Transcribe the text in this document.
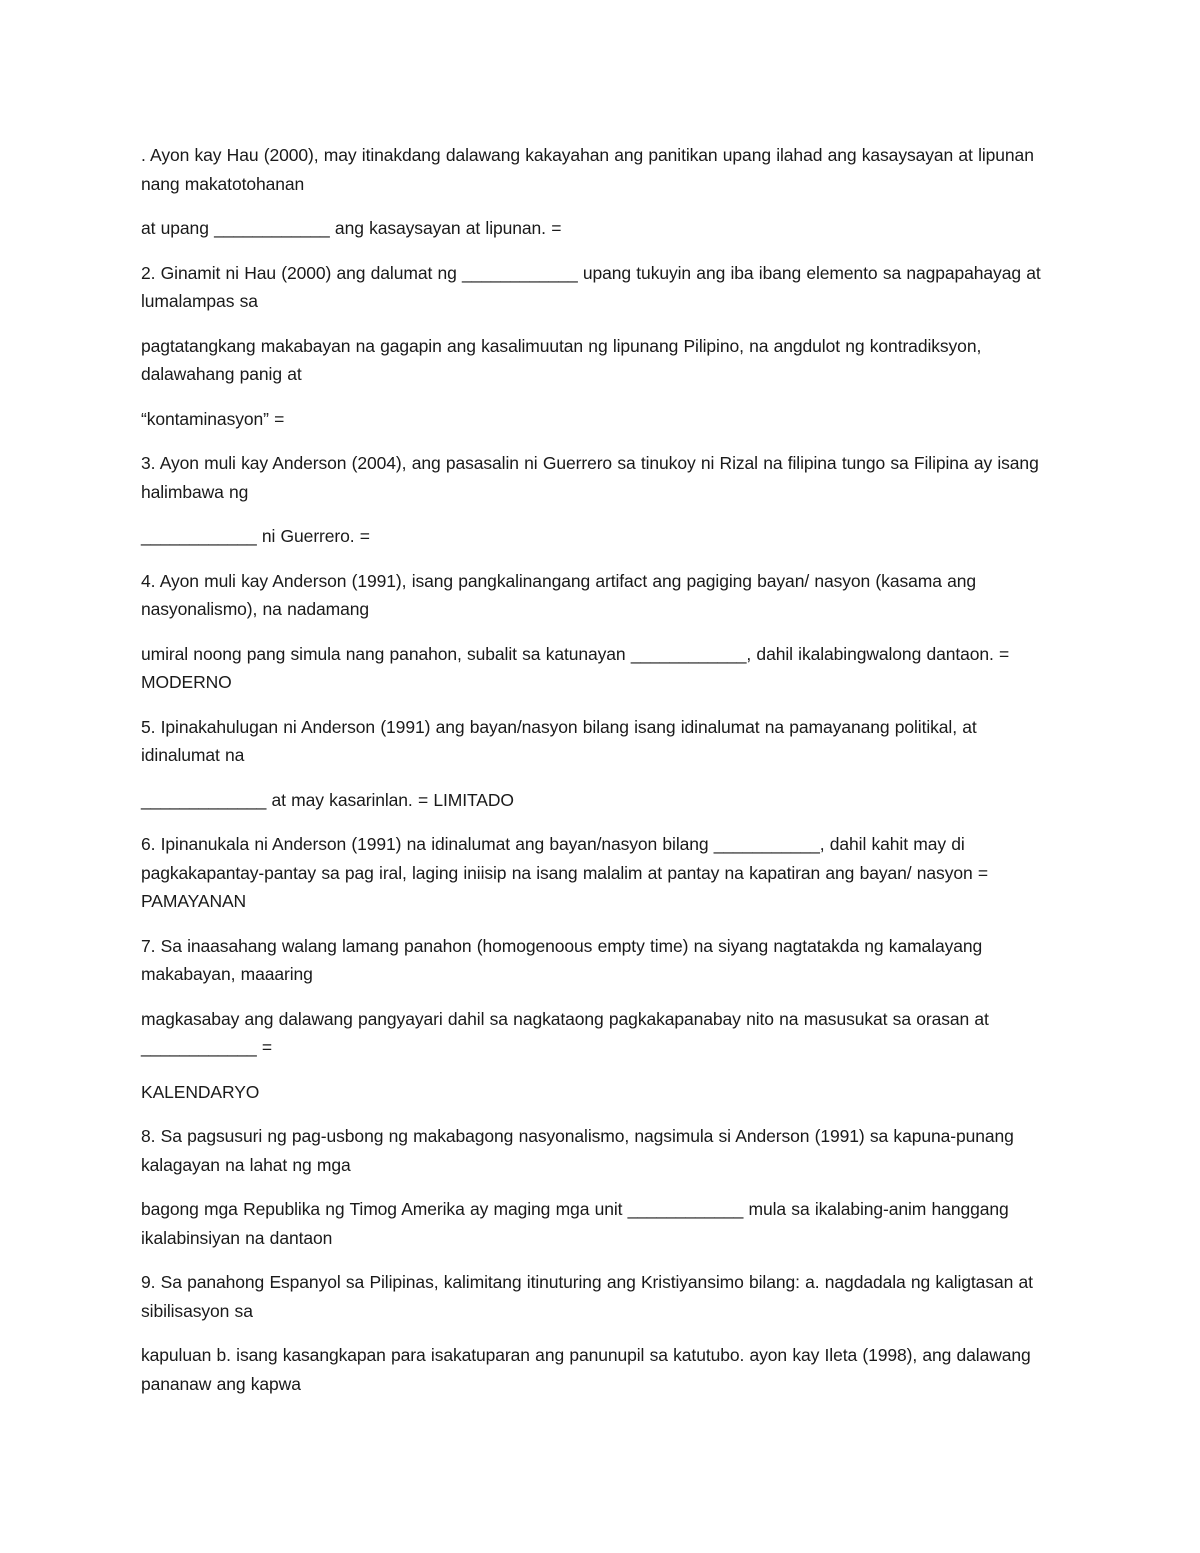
. Ayon kay Hau (2000), may itinakdang dalawang kakayahan ang panitikan upang ilahad ang kasaysayan at lipunan nang makatotohanan

at upang ____________ ang kasaysayan at lipunan. =

2. Ginamit ni Hau (2000) ang dalumat ng ____________ upang tukuyin ang iba ibang elemento sa nagpapahayag at lumalampas sa

pagtatangkang makabayan na gagapin ang kasalimuutan ng lipunang Pilipino, na angdulot ng kontradiksyon, dalawahang panig at

“kontaminasyon” =

3. Ayon muli kay Anderson (2004), ang pasasalin ni Guerrero sa tinukoy ni Rizal na filipina tungo sa Filipina ay isang halimbawa ng

____________ ni Guerrero. =

4. Ayon muli kay Anderson (1991), isang pangkalinangang artifact ang pagiging bayan/ nasyon (kasama ang nasyonalismo), na nadamang

umiral noong pang simula nang panahon, subalit sa katunayan ____________, dahil ikalabingwalong dantaon. = MODERNO

5. Ipinakahulugan ni Anderson (1991) ang bayan/nasyon bilang isang idinalumat na pamayanang politikal, at idinalumat na

_____________ at may kasarinlan. = LIMITADO

6. Ipinanukala ni Anderson (1991) na idinalumat ang bayan/nasyon bilang ___________, dahil kahit may di pagkakapantay-pantay sa pag iral, laging iniisip na isang malalim at pantay na kapatiran ang bayan/ nasyon = PAMAYANAN

7. Sa inaasahang walang lamang panahon (homogenoous empty time) na siyang nagtatakda ng kamalayang makabayan, maaaring

magkasabay ang dalawang pangyayari dahil sa nagkataong pagkakapanabay nito na masusukat sa orasan at ____________ =

KALENDARYO

8. Sa pagsusuri ng pag-usbong ng makabagong nasyonalismo, nagsimula si Anderson (1991) sa kapuna-punang kalagayan na lahat ng mga

bagong mga Republika ng Timog Amerika ay maging mga unit ____________ mula sa ikalabing-anim hanggang ikalabinsiyan na dantaon

9. Sa panahong Espanyol sa Pilipinas, kalimitang itinuturing ang Kristiyansimo bilang: a. nagdadala ng kaligtasan at sibilisasyon sa

kapuluan b. isang kasangkapan para isakatuparan ang panunupil sa katutubo. ayon kay Ileta (1998), ang dalawang pananaw ang kapwa
